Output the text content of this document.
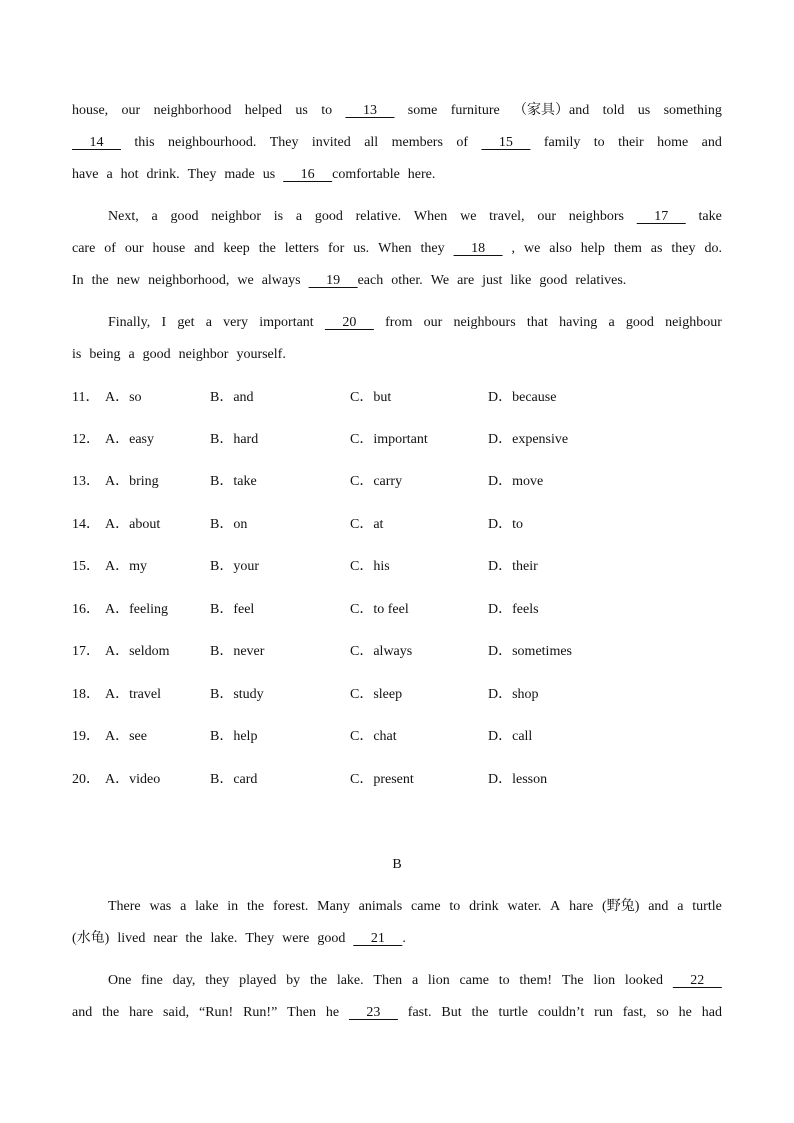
house, our neighborhood helped us to 13 some furniture （家具）and told us something
14 this neighbourhood. They invited all members of 15 family to their home and
have a hot drink. They made us 16 comfortable here.
Next, a good neighbor is a good relative. When we travel, our neighbors 17 take
care of our house and keep the letters for us. When they 18 , we also help them as they do.
In the new neighborhood, we always 19 each other. We are just like good relatives.
Finally, I get a very important 20 from our neighbours that having a good neighbour
is being a good neighbor yourself.
11． A．so	B．and	C．but	D．because
12． A．easy	B．hard	C．important	D．expensive
13． A．bring	B．take	C．carry	D．move
14． A．about	B．on	C．at	D．to
15． A．my	B．your	C．his	D．their
16． A．feeling	B．feel	C．to feel	D．feels
17． A．seldom	B．never	C．always	D．sometimes
18． A．travel	B．study	C．sleep	D．shop
19． A．see	B．help	C．chat	D．call
20． A．video	B．card	C．present	D．lesson
B
There was a lake in the forest. Many animals came to drink water. A hare (野兔) and a turtle
(水龟) lived near the lake. They were good 21 .
One fine day, they played by the lake. Then a lion came to them! The lion looked 22
and the hare said, “Run! Run!” Then he 23 fast. But the turtle couldn’t run fast, so he had
